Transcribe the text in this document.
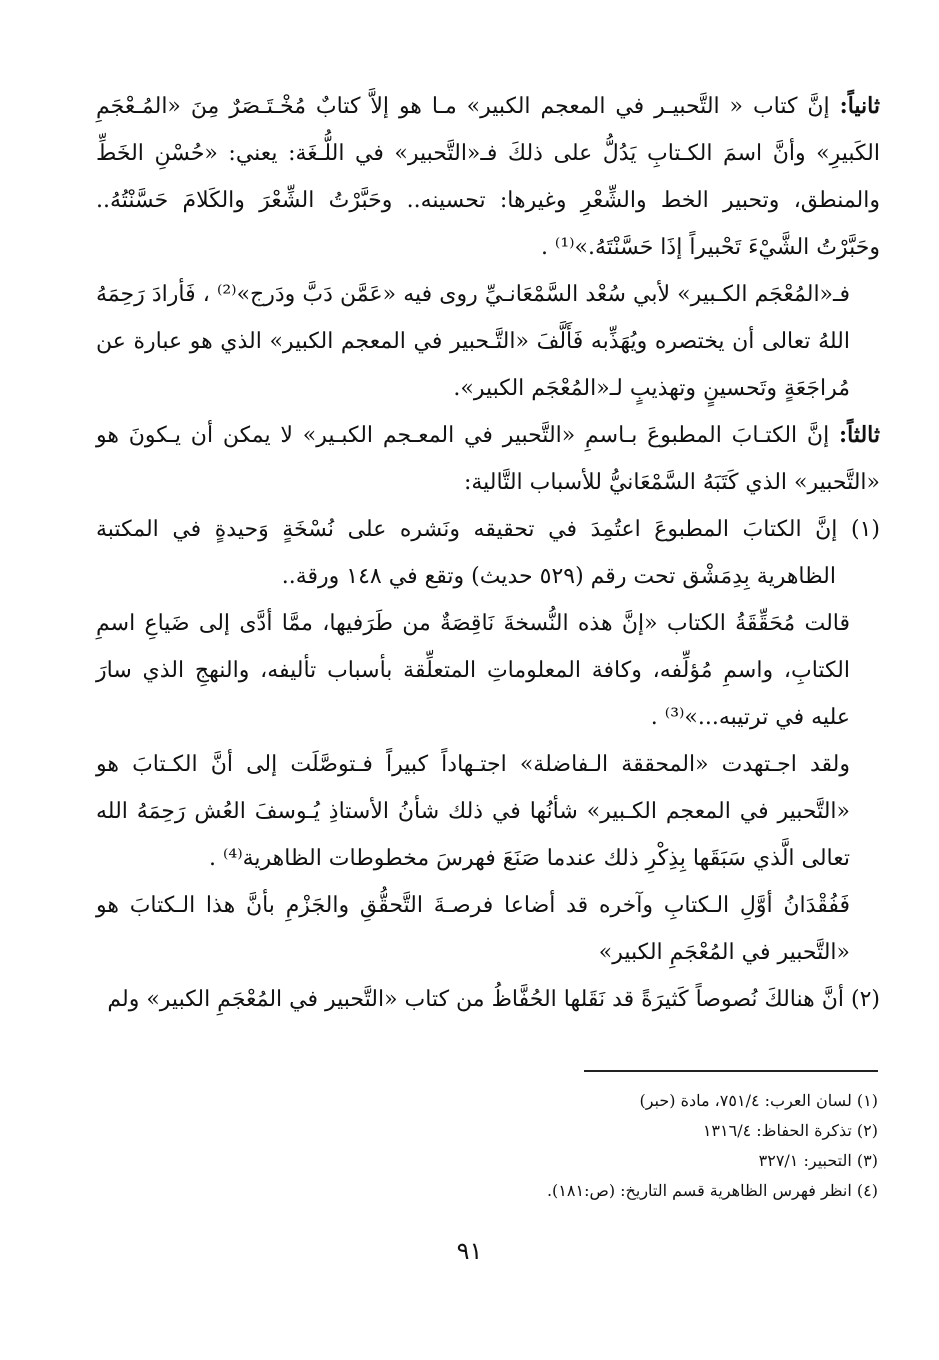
ثانياً: إنَّ كتاب « التَّحبيـر في المعجم الكبير» مـا هو إلاَّ كتابٌ مُخْـتَـصَرٌ مِنَ «المُـعْجَمِ الكَبيرِ» وأنَّ اسمَ الكـتابِ يَدُلُّ على ذلكَ فـ«التَّحبير» في اللُّـغَة: يعني: «حُسْنِ الخَطِّ والمنطق، وتحبير الخط والشِّعْرِ وغيرها: تحسينه.. وحَبَّرْتُ الشِّعْرَ والكَلامَ حَسَّنْتُهُ.. وحَبَّرْتُ الشَّيْءَ تَحْبيراً إذَا حَسَّنْتَهُ.»⁽¹⁾ .

فـ«المُعْجَم الكـبير» لأبي سُعْد السَّمْعَانـيِّ روى فيه «عَمَّن دَبَّ ودَرج»⁽²⁾ ، فَأرادَ رَحِمَهُ اللهُ تعالى أن يختصره ويُهَذِّبه فَأَلَّفَ «التَّـحبير في المعجم الكبير» الذي هو عبارة عن مُراجَعَةٍ وتَحسينٍ وتهذيبٍ لـ«المُعْجَم الكبير».

ثالثاً: إنَّ الكتـابَ المطبوعَ بـاسمِ «التَّحبير في المعـجم الكبـير» لا يمكن أن يـكونَ هو «التَّحبير» الذي كَتَبَهُ السَّمْعَانيُّ للأسباب التَّالية:

(١) إنَّ الكتابَ المطبوعَ اعتُمِدَ في تحقيقه ونَشره على نُسْخَةٍ وَحيدةٍ في المكتبة الظاهرية بِدِمَشْق تحت رقم (٥٢٩ حديث) وتقع في ١٤٨ ورقة..

قالت مُحَقِّقَةُ الكتاب «إنَّ هذه النُّسخةَ نَاقِصَةٌ من طَرَفيها، ممَّا أدَّى إلى ضَياعِ اسمِ الكتابِ، واسمِ مُؤلِّفه، وكافة المعلوماتِ المتعلِّقة بأسباب تأليفه، والنهجِ الذي سارَ عليه في ترتيبه...»⁽³⁾ .

ولقد اجـتهدت «المحققة الـفاضلة» اجتـهاداً كبيراً فـتوصَّلَت إلى أنَّ الكـتابَ هو «التَّحبير في المعجم الكـبير» شأنُها في ذلك شأنُ الأستاذِ يُـوسفَ العُش رَحِمَهُ الله تعالى الَّذي سَبَقَها بِذِكْرِ ذلك عندما صَنَعَ فهرسَ مخطوطات الظاهرية⁽⁴⁾ .

فَفُقْدَانُ أوَّلِ الـكتابِ وآخره قد أضاعا فرصـةَ التَّحقُّقِ والجَزْمِ بأنَّ هذا الـكتابَ هو «التَّحبير في المُعْجَمِ الكبير»

(٢) أنَّ هنالكَ نُصوصاً كَثيرَةً قد نَقَلها الحُفَّاظُ من كتاب «التَّحبير في المُعْجَمِ الكبير» ولم

(١) لسان العرب: ٧٥١/٤، مادة (حبر)

(٢) تذكرة الحفاظ: ١٣١٦/٤

(٣) التحبير: ٣٢٧/١

(٤) انظر فهرس الظاهرية قسم التاريخ: (ص:١٨١).

٩١
